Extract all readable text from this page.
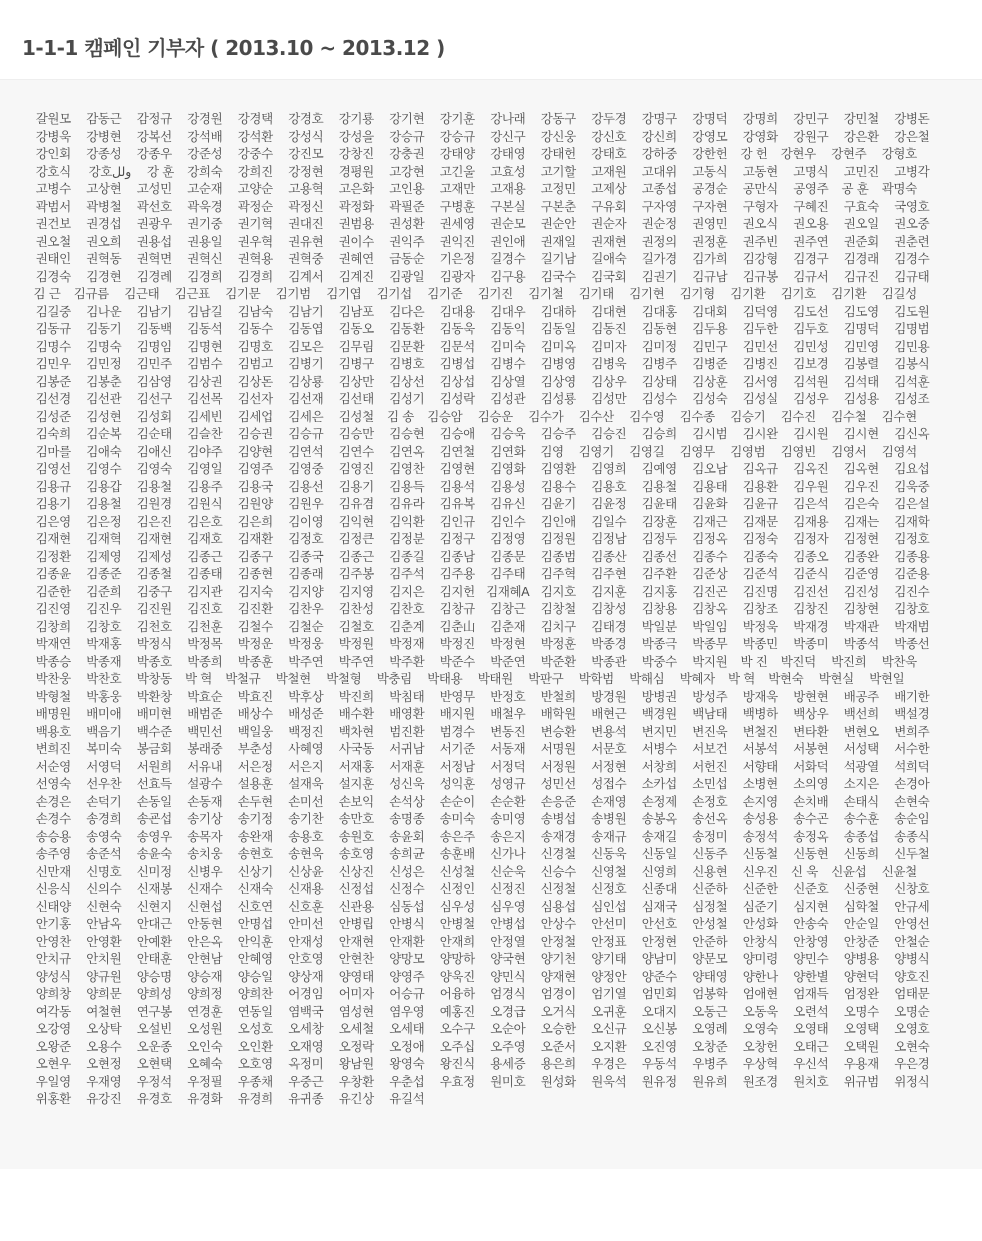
1-1-1 캠페인 기부자 ( 2013.10 ~ 2013.12 )
갈원모	감동근	감정규	강경원	강경택	강경호	강기룡	강기현	강기훈	강나래	강동구	강두경	강명구	강명덕	강명희	강민구	강민철	강병돈
강병욱	강병현	강복선	강석배	강석환	강성식	강성을	강승규	강승규	강신구	강신웅	강신호	강신희	강영모	강영화	강원구	강은환	강은철
강인회	강종성	강종우	강준성	강중수	강진모	강창진	강충권	강태양	강태영	강태헌	강태호	강하중	강한헌	강 헌	강현우	강현주	강형호
강호식	강호ولل	강 훈	강희숙	강희진	강정현	경평원	고강현	고긴울	고효성	고기할	고재원	고대위	고동식	고동현	고명식	고민진	고병각
고병수	고상현	고성민	고순재	고양순	고용혁	고은화	고인용	고재만	고재용	고정민	고제상	고종섭	공경순	공만식	공영주	공 훈	곽명숙
곽범서	곽병철	곽선호	곽욱경	곽정순	곽정신	곽정화	곽필준	구병훈	구본실	구본춘	구유회	구자영	구자현	구형자	구혜진	구효숙	국영호
권건보	권경섭	권광우	권기중	권기혁	권대진	권범용	권성환	권세영	권순모	권순안	권순자	권순정	권영민	권오식	권오용	권오일	권오중
권오철	권오희	권용섭	권용일	권우혁	권유현	권이수	권익주	권익진	권인애	권재일	권재현	권정의	권정훈	권주빈	권주연	권준회	권춘련
권태인	권혁동	권혁면	권혁신	권혁용	권혁중	권혜연	금동순	기은정	길경수	길기남	길애숙	길가경	김가희	김강형	김경구	김경래	김경수
김경숙	김경현	김경례	김경희	김경희	김계서	김계진	김광일	김광자	김구용	김국수	김국회	김권기	김규남	김규봉	김규서	김규진	김규태
김 근	김규름	김근태	김근표	김기문	김기범	김기엽	김기섭	김기준	김기진	김기철	김기태	김기현	김기형	김기환	김기호	김기환	김길성
김길중	김나운	김남기	김남길	김남숙	김남기	김남포	김다은	김대용	김대우	김대하	김대현	김대홍	김대회	김덕영	김도선	김도영	김도원
김동규	김동기	김동백	김동석	김동수	김동엽	김동오	김동환	김동욱	김동익	김동일	김동진	김동현	김두용	김두한	김두호	김명덕	김명범
김명수	김명숙	김명임	김명현	김명호	김모은	김무림	김문환	김문석	김미숙	김미옥	김미자	김미정	김민구	김민선	김민성	김민영	김민용
김민우	김민정	김민주	김범수	김범고	김병기	김병구	김병호	김병섭	김병수	김병영	김병욱	김병주	김병준	김병진	김보경	김봉렬	김봉식
김봉준	김봉춘	김삼영	김상권	김상돈	김상룡	김상만	김상선	김상섭	김상열	김상영	김상우	김상태	김상훈	김서영	김석원	김석태	김석훈
김선경	김선관	김선구	김선목	김선자	김선재	김선태	김성기	김성락	김성관	김성룡	김성만	김성수	김성숙	김성실	김성우	김성용	김성조
김성준	김성현	김성회	김세빈	김세업	김세은	김성철	김 송	김승암	김승운	김수가	김수산	김수영	김수종	김승기	김수진	김수철	김수현
김숙희	김순복	김순태	김슬찬	김승권	김승규	김승만	김승현	김승애	김승욱	김승주	김승진	김승희	김시범	김시완	김시원	김시현	김신옥
김마를	김애숙	김애신	김야주	김양현	김연석	김연수	김연옥	김연철	김연화	김영	김영기	김영길	김영무	김영범	김영빈	김영서	김영석
김영선	김영수	김영숙	김영일	김영주	김영중	김영진	김영찬	김영현	김영화	김영환	김영희	김예영	김오남	김옥규	김옥진	김옥현	김요섭
김용규	김용갑	김용철	김용주	김용국	김용선	김용기	김용득	김용석	김용성	김용수	김용호	김용철	김용태	김용환	김우원	김우진	김욱중
김용기	김용철	김원경	김원식	김원양	김원우	김유겸	김유라	김유복	김유신	김윤기	김윤정	김윤태	김윤화	김윤규	김은석	김은숙	김은설
김은영	김은정	김은진	김은호	김은희	김이영	김익현	김익환	김인규	김인수	김인애	김일수	김장훈	김재근	김재문	김재용	김재는	김재학
김재현	김재혁	김재현	김재호	김재환	김정호	김정큰	김정분	김정구	김정영	김정원	김정남	김정두	김정옥	김정숙	김정자	김정현	김정호
김정환	김제영	김제성	김종근	김종구	김종국	김종근	김종길	김종남	김종문	김종범	김종산	김종선	김종수	김종숙	김종오	김종완	김종용
김종윤	김종준	김종철	김종태	김종현	김종래	김주봉	김주석	김주용	김주태	김주혁	김주현	김주환	김준상	김준석	김준식	김준영	김준용
김준한	김준희	김중구	김지관	김지숙	김지양	김지영	김지은	김지헌 김재혜A 김지호	김지훈	김지홍	김진곤	김진명	김진선	김진성	김진수
김진영	김진우	김진원	김진호	김진환	김찬우	김찬성	김찬호	김창규	김창근	김창철	김창성	김창용	김창옥	김창조	김창진	김창현	김창호
김창희	김창호	김천호	김천훈	김철수	김철순	김철호	김춘계	김춘山	김춘재	김치구	김태경	박일분	박일임	박정욱	박재경	박재관	박재범
박재연	박재홍	박정식	박정목	박정운	박정웅	박정원	박정재	박정진	박정현	박정훈	박종경	박종극	박종무	박종민	박종미	박종석	박종선
박종승	박종재	박종호	박종희	박종훈	박주연	박주연	박주환	박준수	박준연	박준환	박종관	박중수	박지원	박 진	박진덕	박진희	박찬욱
박찬웅	박찬호	박창동	박 혁	박철규	박철현	박철형	박충림	박태용	박태원	박판구	박학범	박해심	박혜자	박 혁	박현숙	박현실	박현일
박형철	박홍웅	박환창	박효순	박효진	박후상	박진희	박침태	반영무	반정호	반철희	방경원	방병권	방성주	방재욱	방현현	배공주	배기한
배명원	배미애	배미현	배범준	배상수	배성준	배수환	배영환	배지원	배철우	배학원	배현근	백경원	백남태	백병하	백상우	백선희	백설경
백용호	백음기	백수준	백민선	백일웅	백정진	백차현	범진환	범경수	변동진	변승환	변용석	변지민	변진욱	변철진	변타환	변현오	변희주
변희진	복미숙	봉금회	봉래중	부춘성	사혜영	사국동	서귀남	서기준	서동재	서명원	서문호	서병수	서보건	서봉석	서봉현	서성택	서수한
서순영	서영덕	서원희	서유내	서은정	서은지	서재홍	서재훈	서정남	서정덕	서정원	서정현	서창희	서헌진	서향태	서화덕	석광열	석희덕
선영숙	선우찬	선효득	설광수	설용훈	설재욱	설지훈	성신욱	성익훈	성영규	성민선	성접수	소카섭	소민섭	소병현	소의영	소지은	손경아
손경은	손덕기	손동일	손동재	손두현	손미선	손보익	손석상	손순이	손순환	손응준	손재영	손정제	손정호	손지영	손치배	손태식	손현숙
손경수	송경희	송굔섭	송기상	송기정	송기찬	송만호	송명종	송미숙	송미영	송병섭	송병원	송봉옥	송선옥	송성용	송수곤	송수훈	송순임
송승용	송영숙	송영우	송목자	송완재	송용호	송원호	송윤회	송은주	송은지	송재경	송재규	송재길	송정미	송정석	송정옥	송종섭	송종식
송주영	송준석	송윤숙	송치웅	송현호	송현욱	송호영	송희균	송훈배	신가나	신경철	신동욱	신동일	신동주	신동철	신동현	신동희	신두철
신만재	신명호	신미정	신병우	신상기	신상윤	신상진	신성은	신성철	신순욱	신승수	신영철	신영희	신용현	신우진	신 욱	신윤섭	신윤철
신응식	신의수	신재봉	신재수	신재숙	신재용	신정섭	신정수	신정인	신정진	신정철	신정호	신종대	신준하	신준한	신준호	신중현	신창호
신태양	신현숙	신현지	신현섭	신호연	신호훈	신관용	심동섭	심우성	심우영	심용섭	심인섭	심재국	심정철	심준기	심지현	심학철	안규세
안기홍	안남옥	안대근	안동현	안명섭	안미선	안병립	안병식	안병철	안병섭	안상수	안선미	안선호	안성철	안성화	안송숙	안순일	안영선
안영찬	안영환	안예환	안은옥	안익훈	안재성	안재현	안재환	안재희	안정열	안정철	안정표	안정현	안준하	안창식	안창영	안창준	안철순
안치규	안치원	안태훈	안현남	안혜영	안호영	안현찬	양망모	양망하	양국현	양기천	양기태	양남미	양문모	양미령	양민수	양병용	양병식
양성식	양규원	양승명	양승재	양승일	양상재	양영태	양영주	양욱진	양민식	양재현	양정안	양준수	양태영	양한나	양한별	양현덕	양호진
양희창	양희문	양희성	양희정	양희찬	어경임	어미자	어승규	어융하	엄경식	엄경이	엄기열	엄민회	엄봉학	엄애현	엄재득	엄정완	엄태문
여각동	여철현	연구봉	연경훈	연동일	염백국	염성현	염우영	예홍진	오경급	오거식	오귀훈	오대지	오동근	오동욱	오련석	오명수	오명순
오강영	오상탁	오설빈	오성원	오성호	오세창	오세철	오세태	오수구	오순아	오승한	오신규	오신봉	오영례	오영숙	오영태	오영택	오영호
오왕준	오용수	오운종	오인숙	오인환	오재영	오정락	오정애	오주십	오주영	오준서	오지환	오진영	오창준	오창헌	오태근	오택원	오현숙
오현우	오현정	오현택	오혜숙	오호영	옥정미	왕남원	왕영숙	왕진식	용세증	용은희	우경은	우동석	우병주	우상혁	우신석	우용재	우은경
우일영	우재영	우정석	우정필	우종채	우중근	우창환	우춘섭	우효정	원미호	원성화	원욱석	원유정	원유희	원조경	원치호	위규범	위정식
위홍환	유강진	유경호	유경화	유경희	유귀종	유긴상	유길석
